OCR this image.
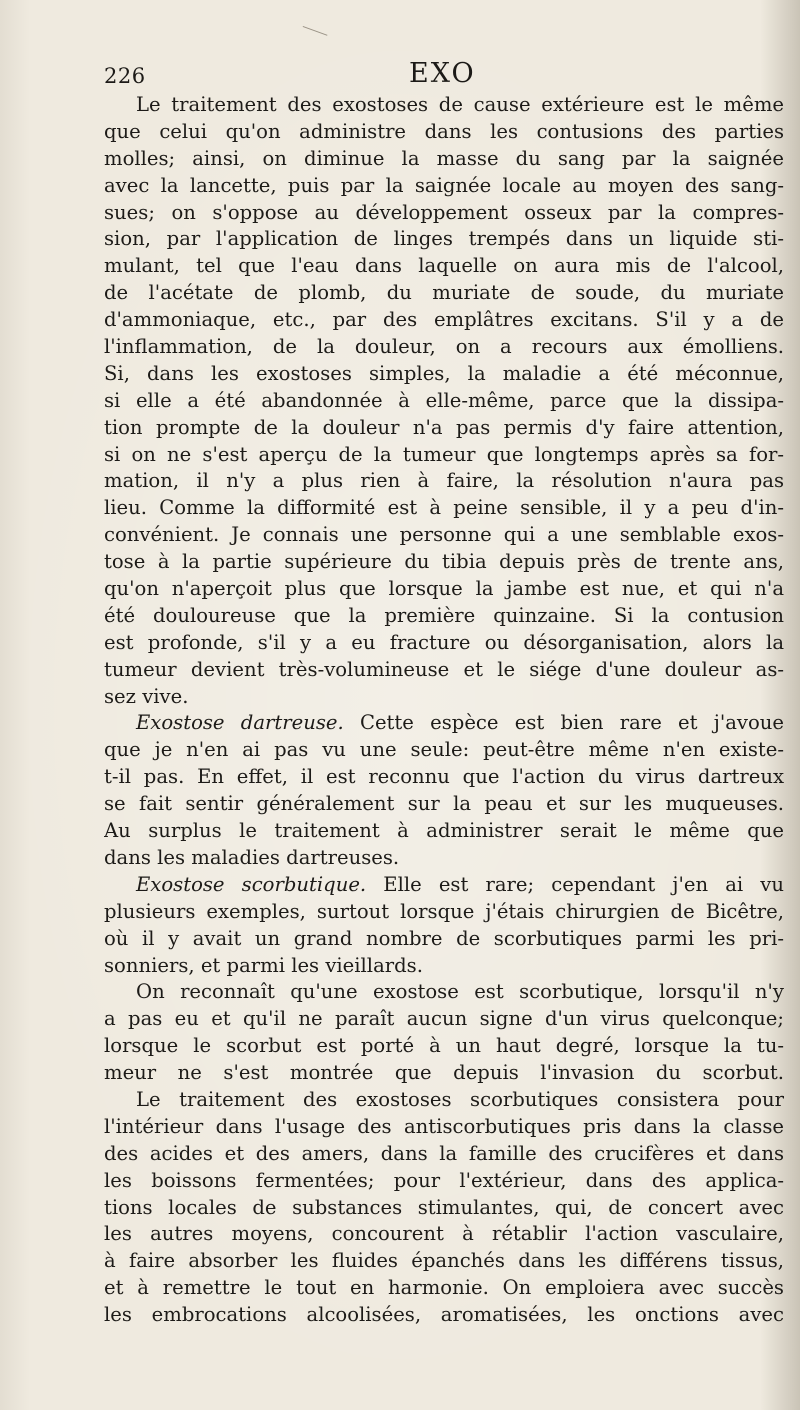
226	EXO
Le traitement des exostoses de cause extérieure est le même
que celui qu'on administre dans les contusions des parties
molles; ainsi, on diminue la masse du sang par la saignée
avec la lancette, puis par la saignée locale au moyen des sang-
sues; on s'oppose au développement osseux par la compres-
sion, par l'application de linges trempés dans un liquide sti-
mulant, tel que l'eau dans laquelle on aura mis de l'alcool,
de l'acétate de plomb, du muriate de soude, du muriate
d'ammoniaque, etc., par des emplâtres excitans. S'il y a de
l'inflammation, de la douleur, on a recours aux émolliens.
Si, dans les exostoses simples, la maladie a été méconnue,
si elle a été abandonnée à elle-même, parce que la dissipa-
tion prompte de la douleur n'a pas permis d'y faire attention,
si on ne s'est aperçu de la tumeur que longtemps après sa for-
mation, il n'y a plus rien à faire, la résolution n'aura pas
lieu. Comme la difformité est à peine sensible, il y a peu d'in-
convénient. Je connais une personne qui a une semblable exos-
tose à la partie supérieure du tibia depuis près de trente ans,
qu'on n'aperçoit plus que lorsque la jambe est nue, et qui n'a
été douloureuse que la première quinzaine. Si la contusion
est profonde, s'il y a eu fracture ou désorganisation, alors la
tumeur devient très-volumineuse et le siége d'une douleur as-
sez vive.
Exostose dartreuse. Cette espèce est bien rare et j'avoue
que je n'en ai pas vu une seule: peut-être même n'en existe-
t-il pas. En effet, il est reconnu que l'action du virus dartreux
se fait sentir généralement sur la peau et sur les muqueuses.
Au surplus le traitement à administrer serait le même que
dans les maladies dartreuses.
Exostose scorbutique. Elle est rare; cependant j'en ai vu
plusieurs exemples, surtout lorsque j'étais chirurgien de Bicêtre,
où il y avait un grand nombre de scorbutiques parmi les pri-
sonniers, et parmi les vieillards.
On reconnaît qu'une exostose est scorbutique, lorsqu'il n'y
a pas eu et qu'il ne paraît aucun signe d'un virus quelconque;
lorsque le scorbut est porté à un haut degré, lorsque la tu-
meur ne s'est montrée que depuis l'invasion du scorbut.
Le traitement des exostoses scorbutiques consistera pour
l'intérieur dans l'usage des antiscorbutiques pris dans la classe
des acides et des amers, dans la famille des crucifères et dans
les boissons fermentées; pour l'extérieur, dans des applica-
tions locales de substances stimulantes, qui, de concert avec
les autres moyens, concourent à rétablir l'action vasculaire,
à faire absorber les fluides épanchés dans les différens tissus,
et à remettre le tout en harmonie. On emploiera avec succès
les embrocations alcoolisées, aromatisées, les onctions avec
